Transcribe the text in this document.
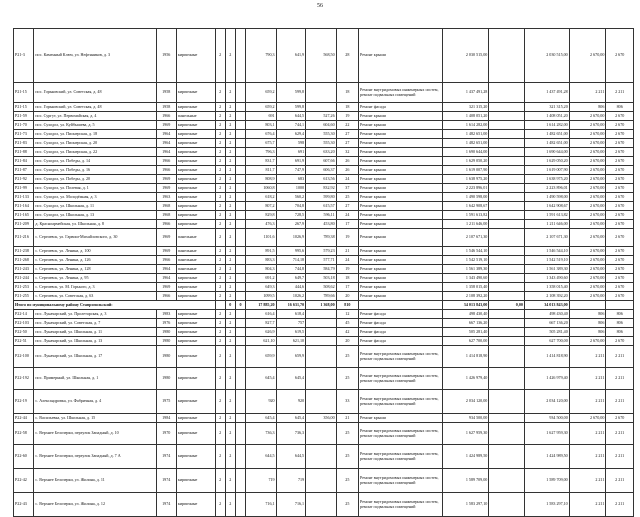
56
P21-3	пос. Каменный Ключ, ул. Нефтяников, д. 3	1956	кирпичные	2	2		790,3	641,9	568,50	28	Ремонт крыши	2 030 515,00		2 030 515,00	2 670,00	2 670
P21-15	пос. Горьковский, ул. Советская, д. 48	1958	кирпичные	2	2		659,2	599,8		18	Ремонт внутридомовых инженерных систем, ремонт подвальных помещений	1 437 491,28		1 437 491,28	2 211	2 211
P21-15	пос. Горьковский, ул. Советская, д. 48	1958	кирпичные	2	2		659,2	599,8		18	Ремонт фасада	321 315,20		321 315,20	806	806
P21-59	пос. Сургут, ул. Первомайская, д. 4	1966	панельные	2	2		691	644,5	527,26	19	Ремонт крыши	1 408 051,20		1 408 051,20	2 670,00	2 670
P21-70	пос. Суходол, ул. Куйбышева, д. 5	1969	кирпичные	2	2		803,1	744,1	604,60	22	Ремонт крыши	1 614 282,00		1 614 282,00	2 670,00	2 670
P21-73	пос. Суходол, ул. Пионерская, д. 18	1964	кирпичные	2	2		676,4	629,4	555,30	27	Ремонт крыши	1 482 651,00		1 482 651,00	2 670,00	2 670
P21-83	пос. Суходол, ул. Пионерская, д. 20	1964	кирпичные	2	2		675,7	598	555,30	27	Ремонт крыши	1 482 651,00		1 482 651,00	2 670,00	2 670
P21-88	пос. Суходол, ул. Пионерская, д. 22	1964	кирпичные	2	2		796,3	691	633,20	32	Ремонт крыши	1 690 644,00		1 690 644,00	2 670,00	2 670
P21-84	пос. Суходол, ул. Победы, д. 14	1966	кирпичные	2	2		831,7	691,9	607,66	26	Ремонт крыши	1 629 050,20		1 629 050,20	2 670,00	2 670
P21-87	пос. Суходол, ул. Победы, д. 16	1966	кирпичные	2	2		811,7	747,9	606,37	26	Ремонт крыши	1 619 007,90		1 619 007,90	2 670,00	2 670
P21-92	пос. Суходол, ул. Победы, д. 20	1969	кирпичные	2	2		808,9	683	613,56	24	Ремонт крыши	1 638 975,20		1 638 975,20	2 670,00	2 670
P21-99	пос. Суходол, ул. Полевая, д. 1	1969	кирпичные	2	2		1060,8	1000	832,92	37	Ремонт крыши	2 223 896,01		2 223 896,01	2 670,00	2 670
P21-133	пос. Суходол, ул. Молодёжная, д. 3	1963	кирпичные	2	2		618,2	560,2	599,80	25	Ремонт крыши	1 490 598,00		1 490 598,00	2 670,00	2 670
P21-164	пос. Суходол, ул. Школьная, д. 11	1968	кирпичные	2	2		807,2	704,8	615,57	27	Ремонт крыши	1 642 908,67		1 642 908,67	2 670,00	2 670
P21-165	пос. Суходол, ул. Школьная, д. 13	1968	кирпичные	2	2		829,8	728,5	596,11	24	Ремонт крыши	1 591 613,82		1 591 613,82	2 670,00	2 670
P21-209	д. Красноармейская, ул. Школьная, д. 8	1966	кирпичные	2	2		476,3	267,9	453,80	17	Ремонт крыши	1 211 646,00		1 211 646,00	2 670,00	2 670
P21-216	с. Сергиевск, ул. Гарвиш-Михайловского, д. 30	1969	панельные	2	2		1101,6	1026,9	789,38	19	Ремонт крыши	2 107 671,30		2 107 671,30	2 670,00	2 670
P21-238	с. Сергиевск, ул. Ленина, д. 100	1969	панельные	2	2		891,5	995,6	579,23	21	Ремонт крыши	1 546 544,10		1 546 544,10	2 670,00	2 670
P21-268	с. Сергиевск, ул. Ленина, д. 126	1966	панельные	2	2		883,3	714,18	577,71	24	Ремонт крыши	1 542 519,10		1 542 519,10	2 670,00	2 670
P21-243	с. Сергиевск, ул. Ленина, д. 128	1964	панельные	2	2		804,3	744,8	584,79	19	Ремонт крыши	1 561 389,30		1 561 389,30	2 670,00	2 670
P21-244	с. Сергиевск, ул. Ленина, д. 95	1964	кирпичные	2	2		691,2	649,7	503,18	18	Ремонт крыши	1 343 490,60		1 343 490,60	2 670,00	2 670
P21-253	с. Сергиевск, ул. М. Горького, д. 3	1969	кирпичные	2	2		649,3	444,6	508,62	17	Ремонт крыши	1 358 015,40		1 358 015,40	2 670,00	2 670
P21-255	с. Сергиевск, ул. Советская, д. 63	1966	кирпичные	2	2		1099,5	1026,2	789,66	20	Ремонт крыши	2 108 392,20		2 108 392,20	2 670,00	2 670
Итого по муниципальному району Ставропольский:					0	0	17 885,20	16 631,70	1 368,00	810		34 013 843,00	0,00	34 013 843,00		
P22-14	пос. Луначарский, ул. Пролетарская, д. 3	1983	кирпичные	2	2		616,4	618,4		12	Ремонт фасада	498 430,40		498 430,40	806	806
P22-103	пос. Луначарский, ул. Советская, д. 7	1976	кирпичные	2	2		827,7	757		45	Ремонт фасада	667 136,20		667 136,20	806	806
P22-50	пос. Луначарский, ул. Школьная, д. 11	1980	кирпичные	2	2		626,9	619,5		42	Ремонт фасада	505 281,40		505 281,40	806	806
P22-51	пос. Луначарский, ул. Школьная, д. 13	1980	кирпичные	2	2		621,10	621,10		20	Ремонт фасада	627 700,00		627 700,00	2 670,00	2 670
P22-100	пос. Луначарский, ул. Школьная, д. 17	1980	кирпичные	2	2		659,9	659,9		25	Ремонт внутридомовых инженерных систем, ремонт подвальных помещений	1 414 818,90		1 414 818,90	2 211	2 211
P22-192	пос. Примерный, ул. Школьная, д. 1	1980	кирпичные	2	2		645,4	645,4		25	Ремонт внутридомовых инженерных систем, ремонт подвальных помещений	1 426 979,40		1 426 979,40	2 211	2 211
P22-19	с. Александровка, ул. Фабричная, д. 4	1975	кирпичные	2	2		920	920		33	Ремонт внутридомовых инженерных систем, ремонт подвальных помещений	2 034 120,00		2 034 120,00	2 211	2 211
P22-44	с. Васильевка, ул. Школьная, д. 15	1984	кирпичные	2	2		645,4	645,4	356,00	21	Ремонт крыши	934 500,00		934 500,00	2 670,00	2 670
P22-58	с. Верхнее Белозерки, переулок Западный, д. 10	1970	кирпичные	2	2		736,3	736,3		25	Ремонт внутридомовых инженерных систем, ремонт подвальных помещений	1 627 959,30		1 627 959,30	2 211	2 211
P22-60	с. Верхнее Белозерки, переулок Западный, д. 7 А	1974	кирпичные	2	2		644,5	644,5		25	Ремонт внутридомовых инженерных систем, ремонт подвальных помещений	1 424 989,50		1 424 989,50	2 211	2 211
P22-42	с. Верхнее Белозерки, ул. Жилина, д. 11	1974	кирпичные	2	2		719	719		25	Ремонт внутридомовых инженерных систем, ремонт подвальных помещений	1 589 709,00		1 589 709,00	2 211	2 211
P22-43	с. Верхнее Белозерки, ул. Жилина, д. 12	1974	кирпичные	2	2		716,1	716,1		25	Ремонт внутридомовых инженерных систем, ремонт подвальных помещений	1 583 297,10		1 583 297,10	2 211	2 211
